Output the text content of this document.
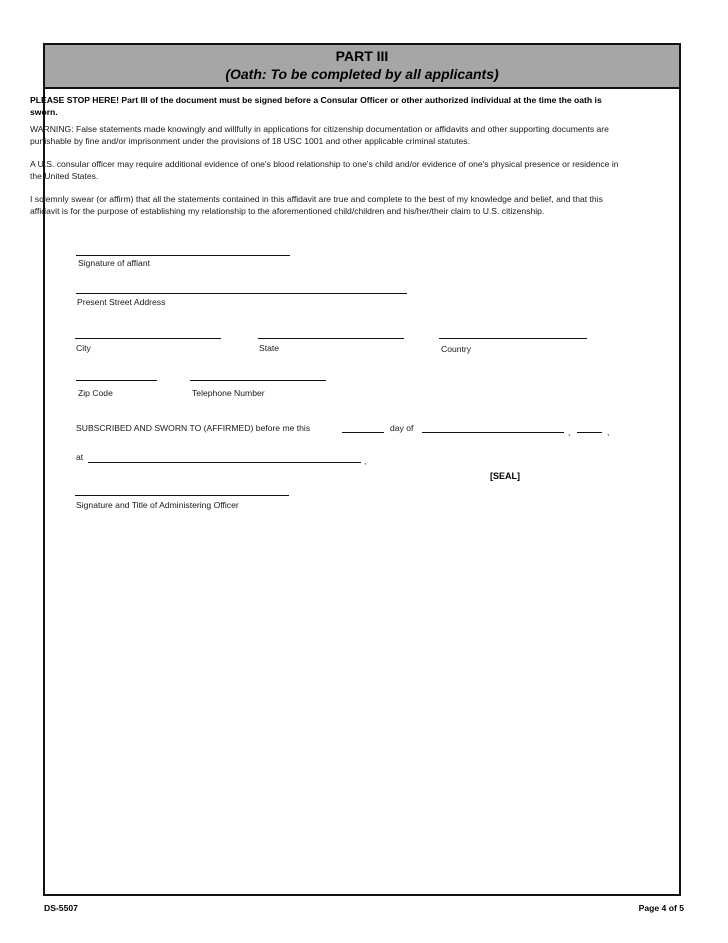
PART III
(Oath: To be completed by all applicants)
PLEASE STOP HERE! Part III of the document must be signed before a Consular Officer or other authorized individual at the time the oath is sworn.
WARNING: False statements made knowingly and willfully in applications for citizenship documentation or affidavits and other supporting documents are punishable by fine and/or imprisonment under the provisions of 18 USC 1001 and other applicable criminal statutes.
A U.S. consular officer may require additional evidence of one's blood relationship to one's child and/or evidence of one's physical presence or residence in the United States.
I solemnly swear (or affirm) that all the statements contained in this affidavit are true and complete to the best of my knowledge and belief, and that this affidavit is for the purpose of establishing my relationship to the aforementioned child/children and his/her/their claim to U.S. citizenship.
Signature of affiant
Present Street Address
City	State	Country
Zip Code	Telephone Number
SUBSCRIBED AND SWORN TO (AFFIRMED) before me this	day of	,	,
at	,
[SEAL]
Signature and Title of Administering Officer
DS-5507	Page 4 of 5
